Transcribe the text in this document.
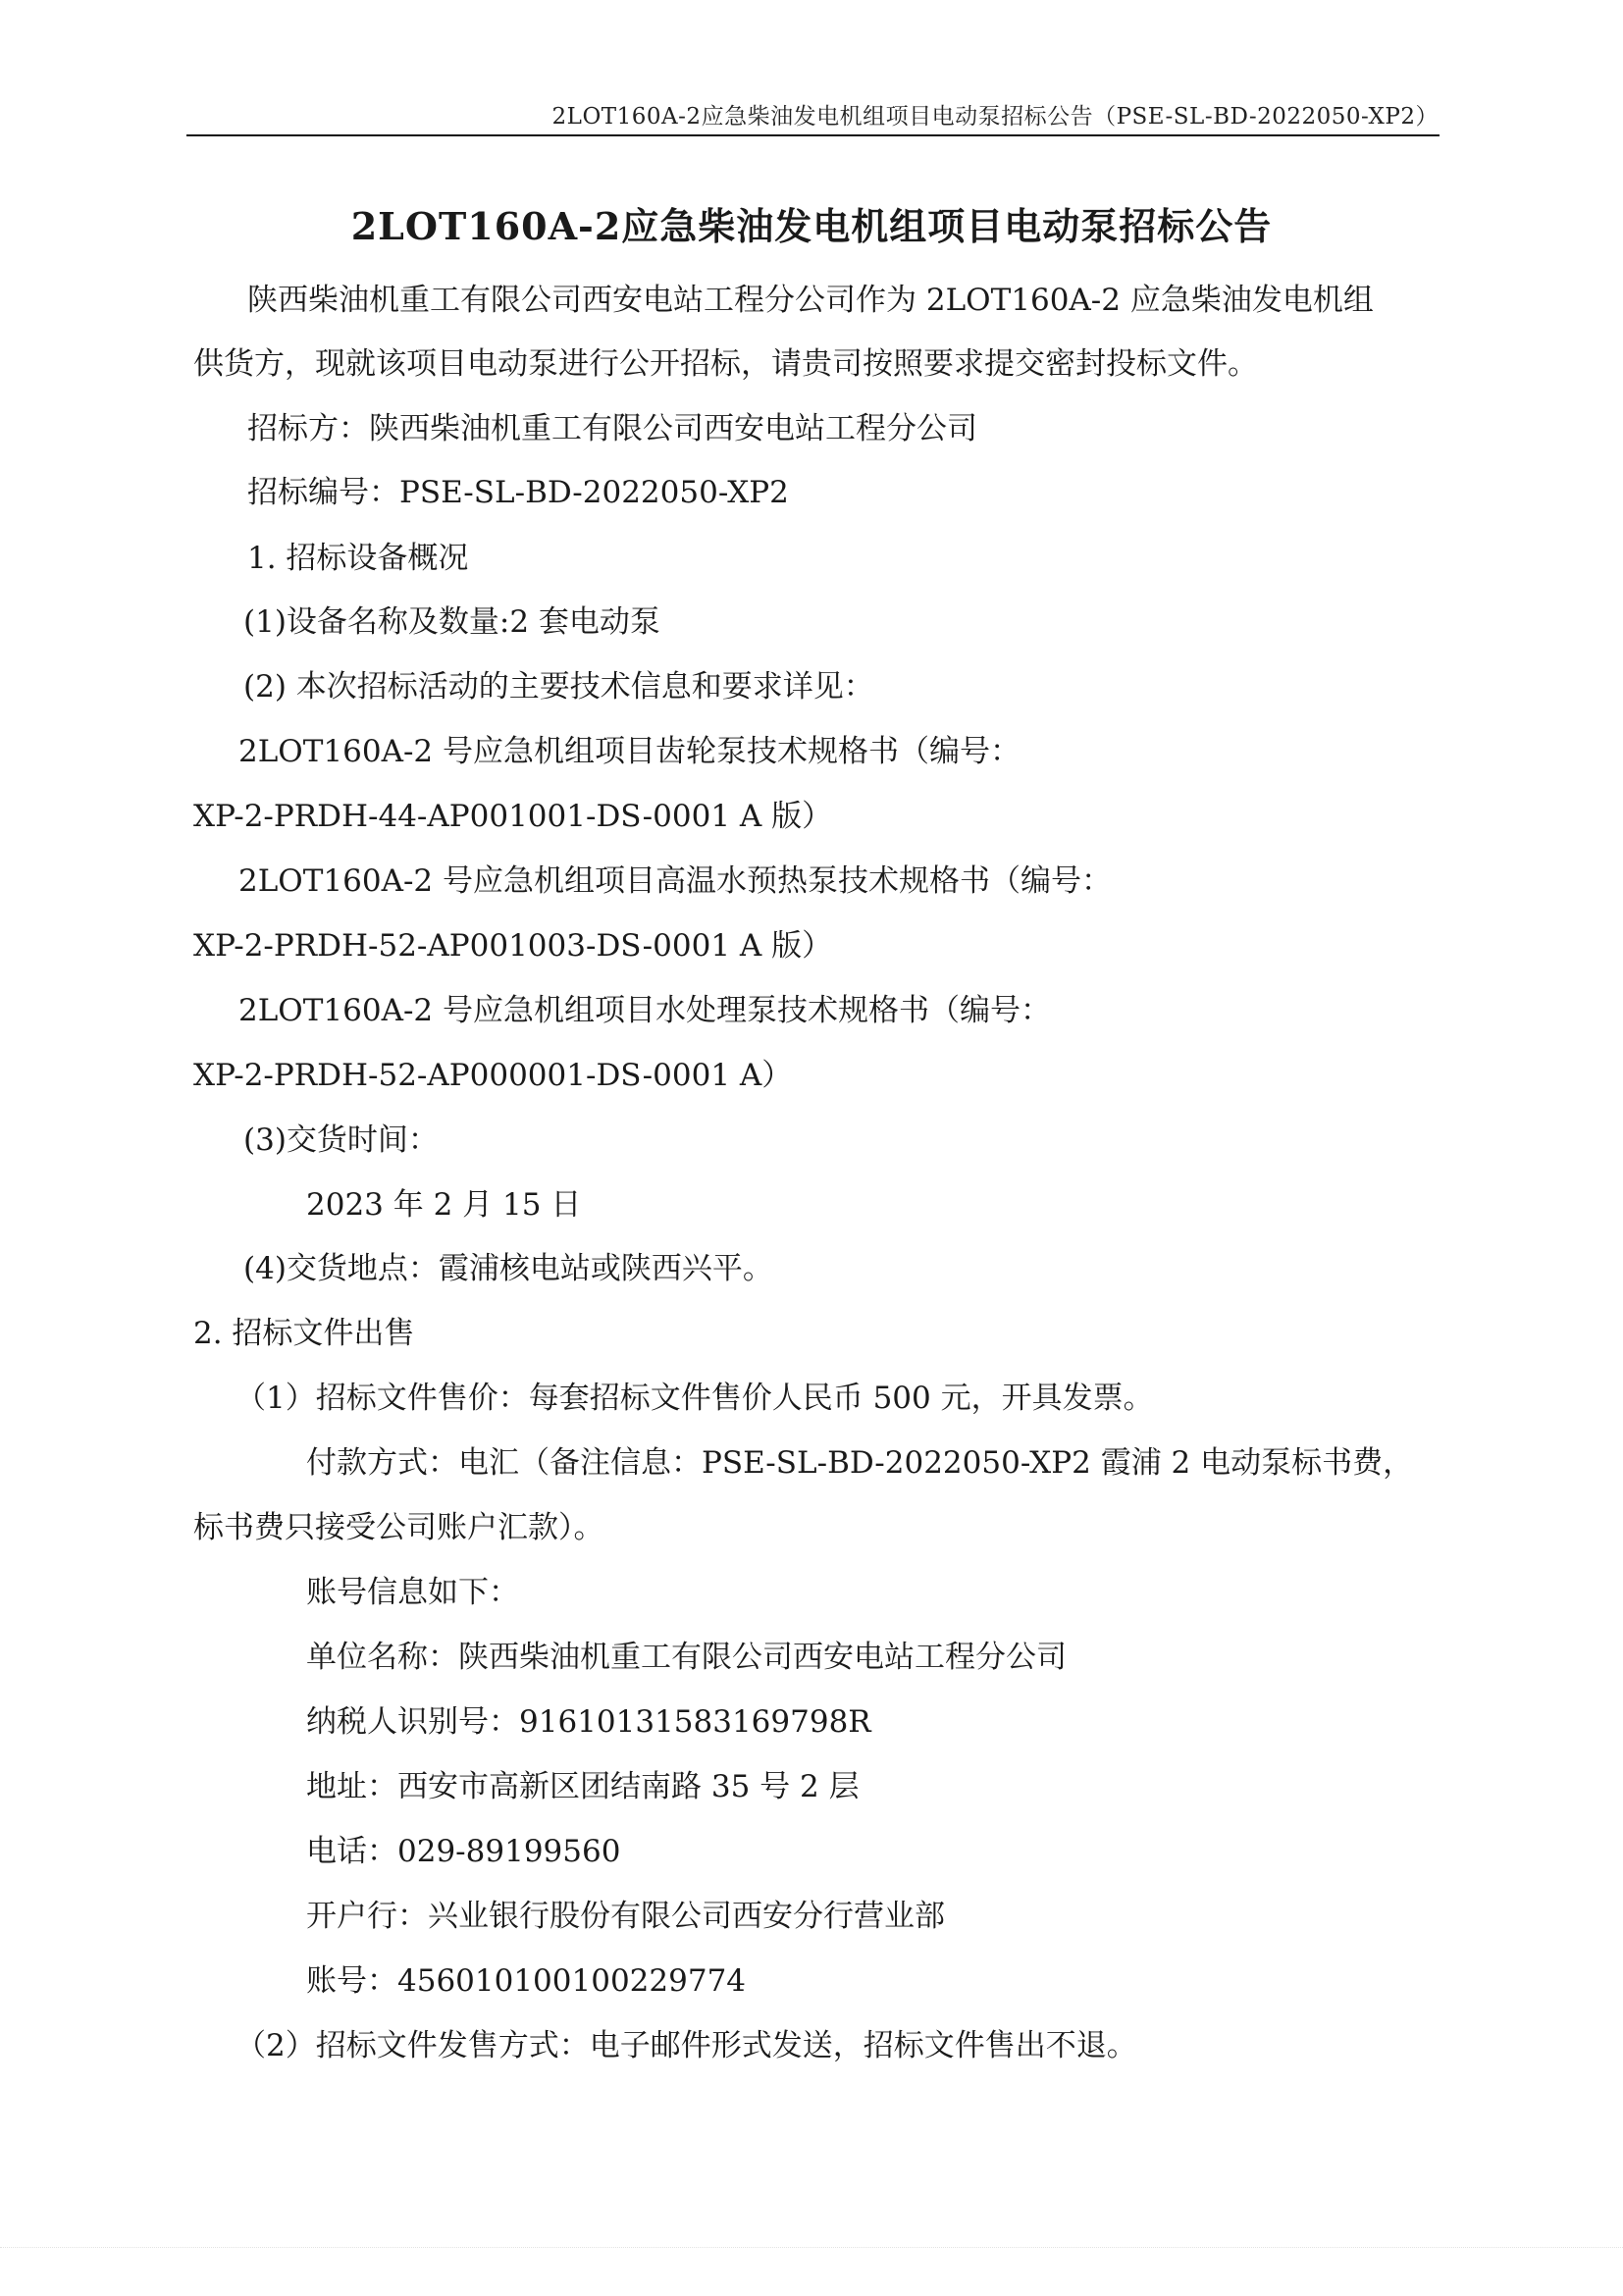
2LOT160A-2应急柴油发电机组项目电动泵招标公告（PSE-SL-BD-2022050-XP2）
2LOT160A-2应急柴油发电机组项目电动泵招标公告
陕西柴油机重工有限公司西安电站工程分公司作为 2LOT160A-2 应急柴油发电机组
供货方，现就该项目电动泵进行公开招标，请贵司按照要求提交密封投标文件。
招标方：陕西柴油机重工有限公司西安电站工程分公司
招标编号：PSE-SL-BD-2022050-XP2
1. 招标设备概况
(1)设备名称及数量:2 套电动泵
(2) 本次招标活动的主要技术信息和要求详见：
2LOT160A-2 号应急机组项目齿轮泵技术规格书（编号：
XP-2-PRDH-44-AP001001-DS-0001 A 版）
2LOT160A-2 号应急机组项目高温水预热泵技术规格书（编号：
XP-2-PRDH-52-AP001003-DS-0001 A 版）
2LOT160A-2 号应急机组项目水处理泵技术规格书（编号：
XP-2-PRDH-52-AP000001-DS-0001 A）
(3)交货时间：
2023 年 2 月 15 日
(4)交货地点：霞浦核电站或陕西兴平。
2. 招标文件出售
（1）招标文件售价：每套招标文件售价人民币 500 元，开具发票。
付款方式：电汇（备注信息：PSE-SL-BD-2022050-XP2 霞浦 2 电动泵标书费，
标书费只接受公司账户汇款）。
账号信息如下：
单位名称：陕西柴油机重工有限公司西安电站工程分公司
纳税人识别号：91610131583169798R
地址：西安市高新区团结南路 35 号 2 层
电话：029-89199560
开户行：兴业银行股份有限公司西安分行营业部
账号：456010100100229774
（2）招标文件发售方式：电子邮件形式发送，招标文件售出不退。
